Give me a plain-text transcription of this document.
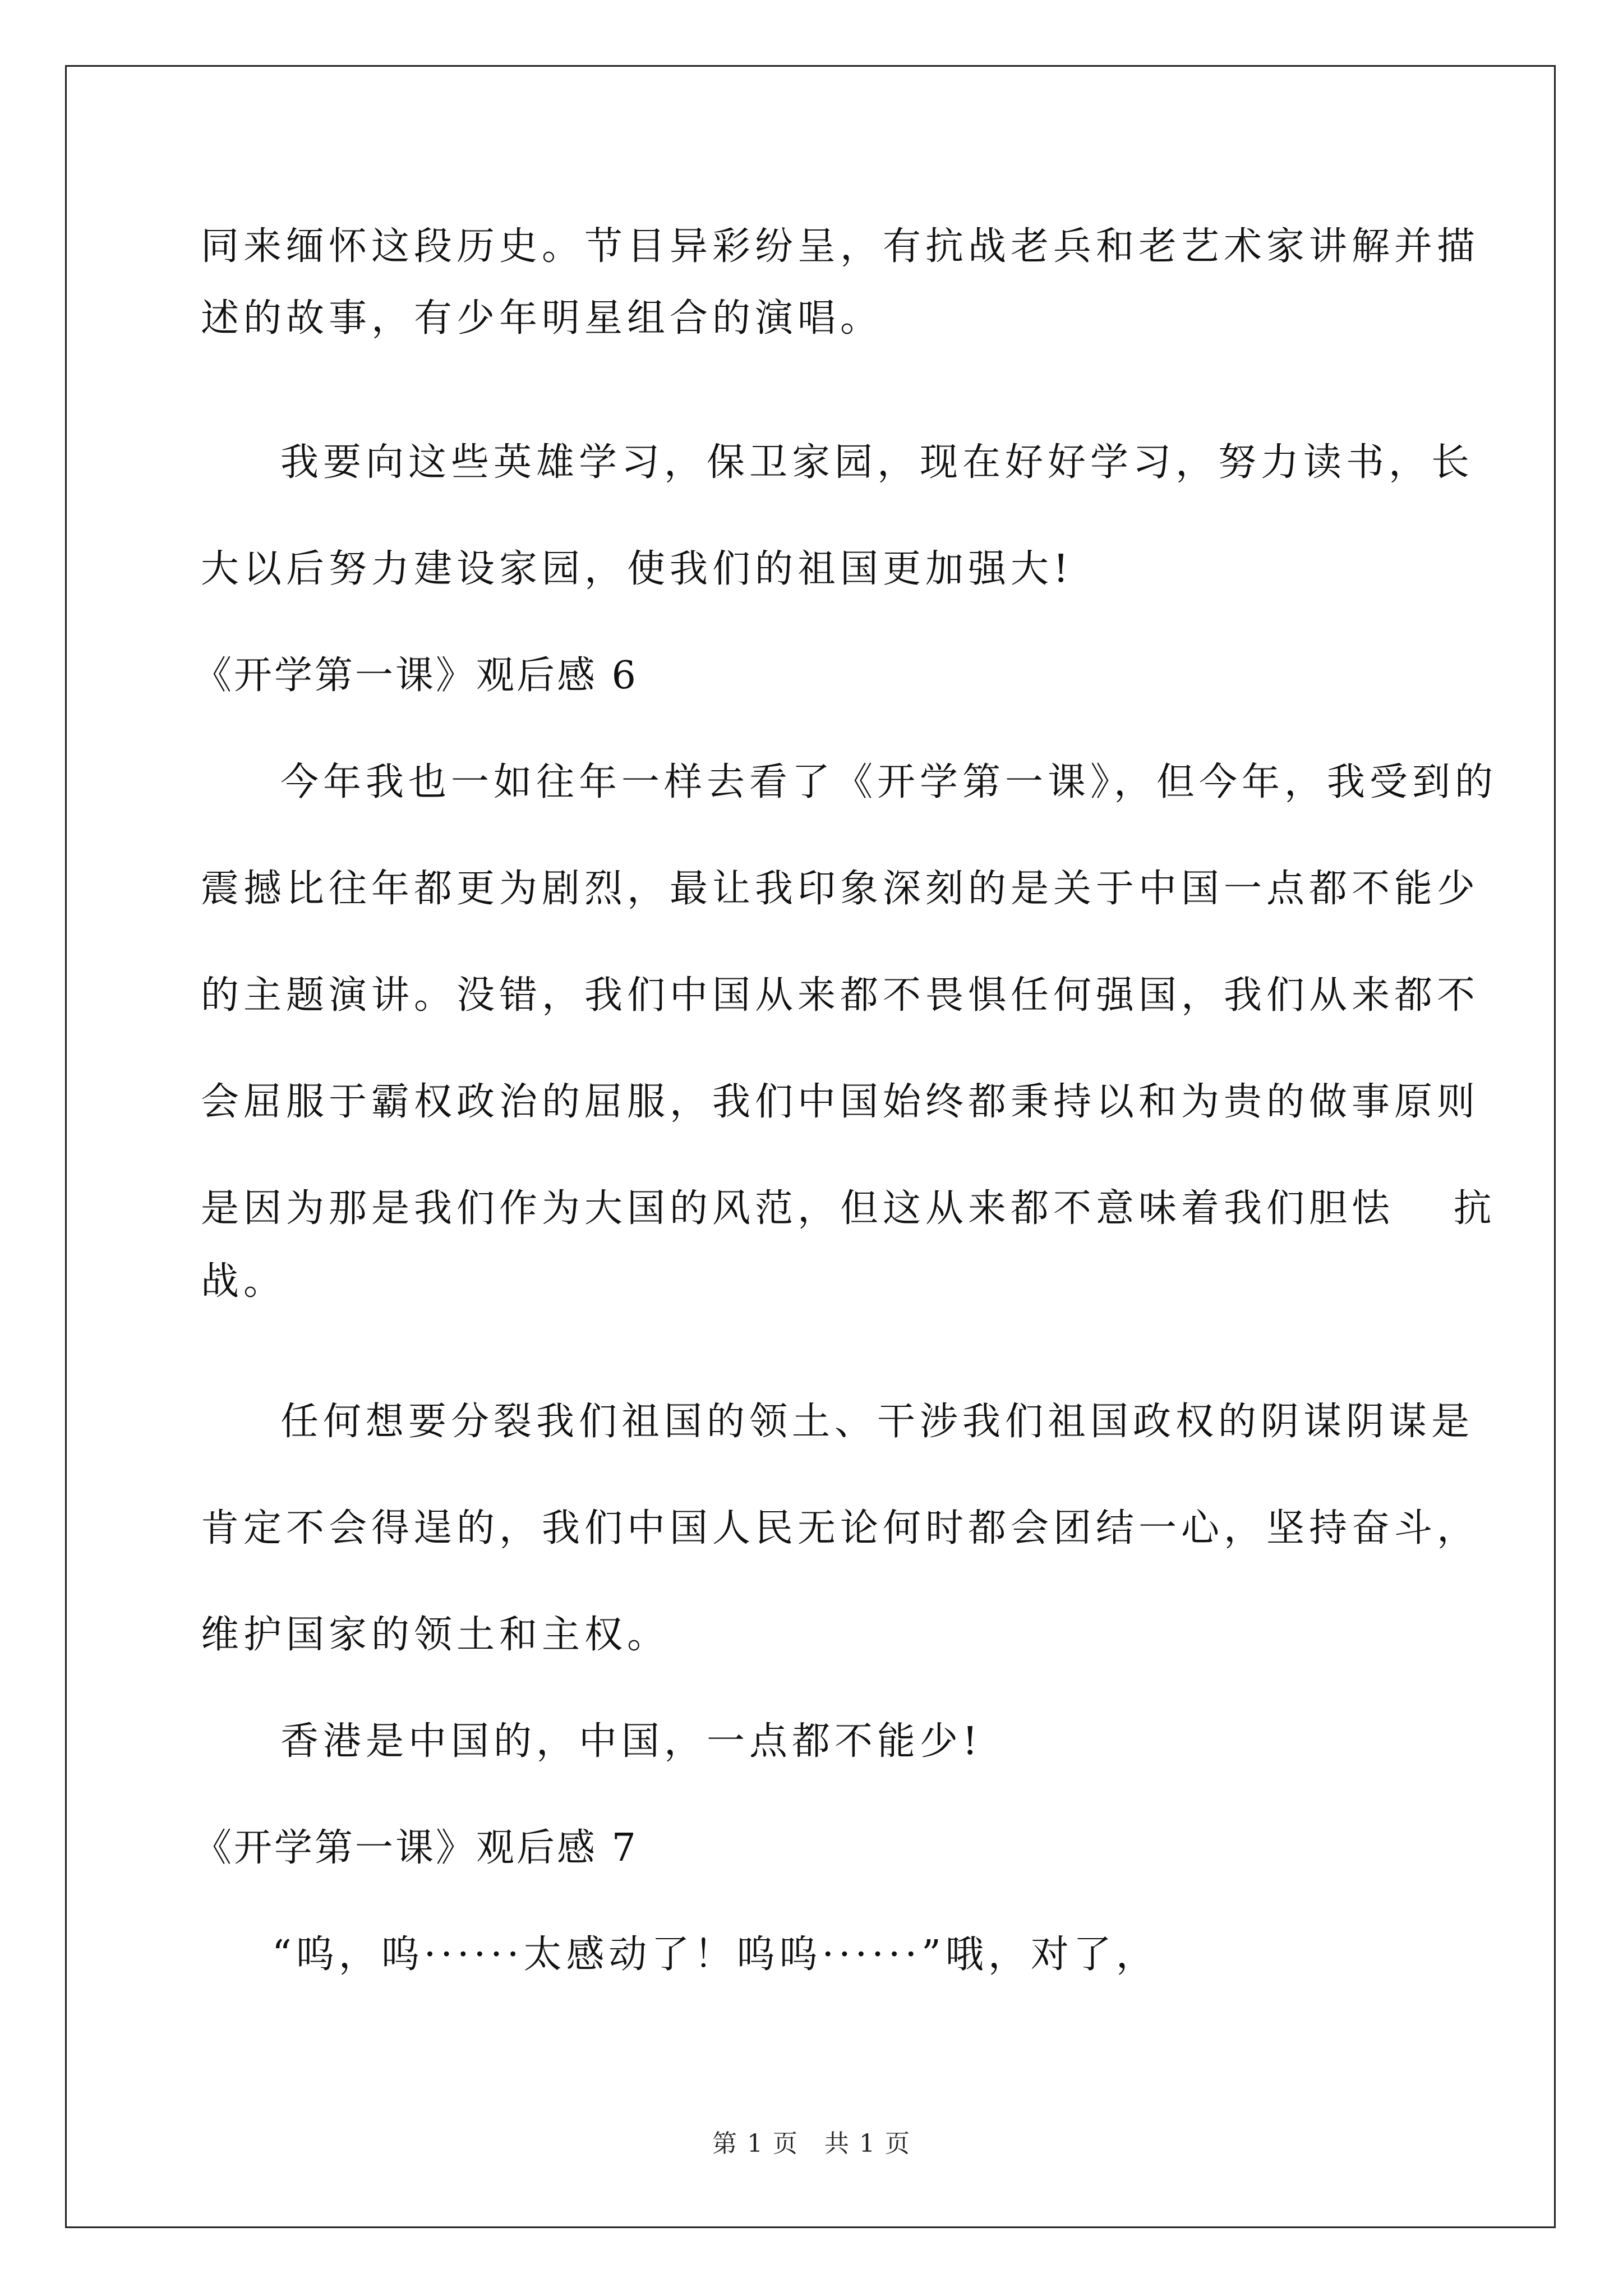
同来缅怀这段历史。节目异彩纷呈，有抗战老兵和老艺术家讲解并描
述的故事，有少年明星组合的演唱。
我要向这些英雄学习，保卫家园，现在好好学习，努力读书，长
大以后努力建设家园，使我们的祖国更加强大!
《开学第一课》观后感 6
今年我也一如往年一样去看了《开学第一课》，但今年，我受到的
震撼比往年都更为剧烈，最让我印象深刻的是关于中国一点都不能少
的主题演讲。没错，我们中国从来都不畏惧任何强国，我们从来都不
会屈服于霸权政治的屈服，我们中国始终都秉持以和为贵的做事原则
是因为那是我们作为大国的风范，但这从来都不意味着我们胆怯　 抗
战。
任何想要分裂我们祖国的领土、干涉我们祖国政权的阴谋阴谋是
肯定不会得逞的，我们中国人民无论何时都会团结一心，坚持奋斗，
维护国家的领土和主权。
香港是中国的，中国，一点都不能少!
《开学第一课》观后感 7
“呜，呜······太感动了！呜呜······”哦，对了，
第 1 页 共 1 页
